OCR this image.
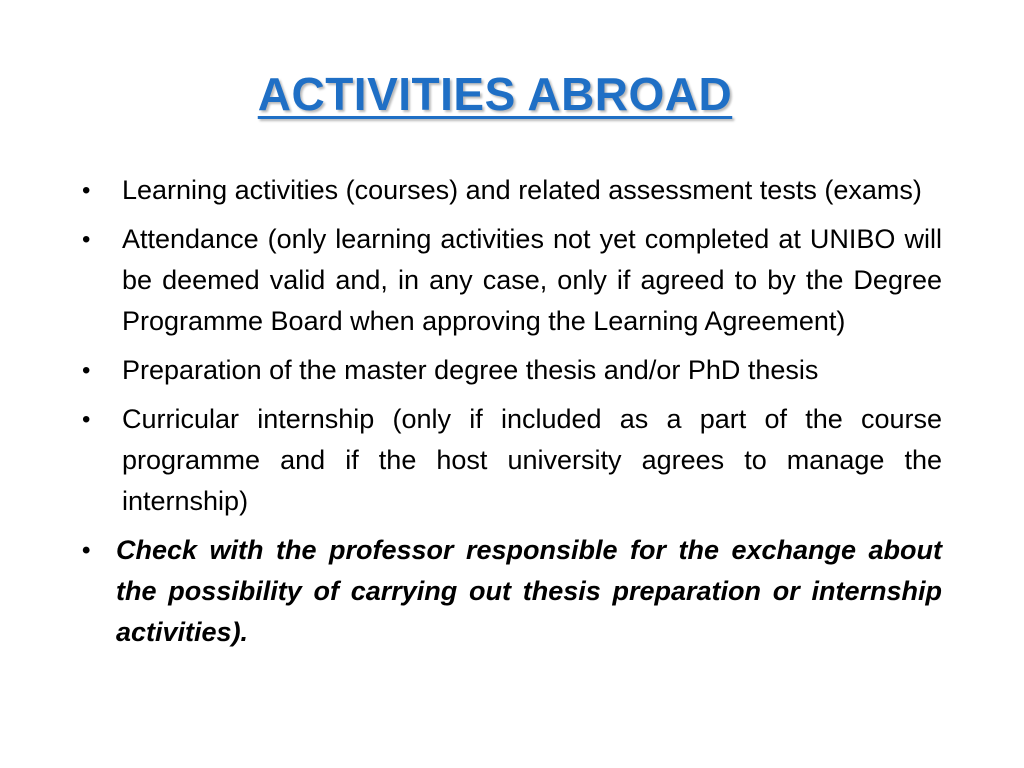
ACTIVITIES ABROAD
• Learning activities (courses) and related assessment tests (exams)
• Attendance (only learning activities not yet completed at UNIBO will be deemed valid and, in any case, only if agreed to by the Degree Programme Board when approving the Learning Agreement)
• Preparation of the master degree thesis and/or PhD thesis
• Curricular internship (only if included as a part of the course programme and if the host university agrees to manage the internship)
• Check with the professor responsible for the exchange about the possibility of carrying out thesis preparation or internship activities).
